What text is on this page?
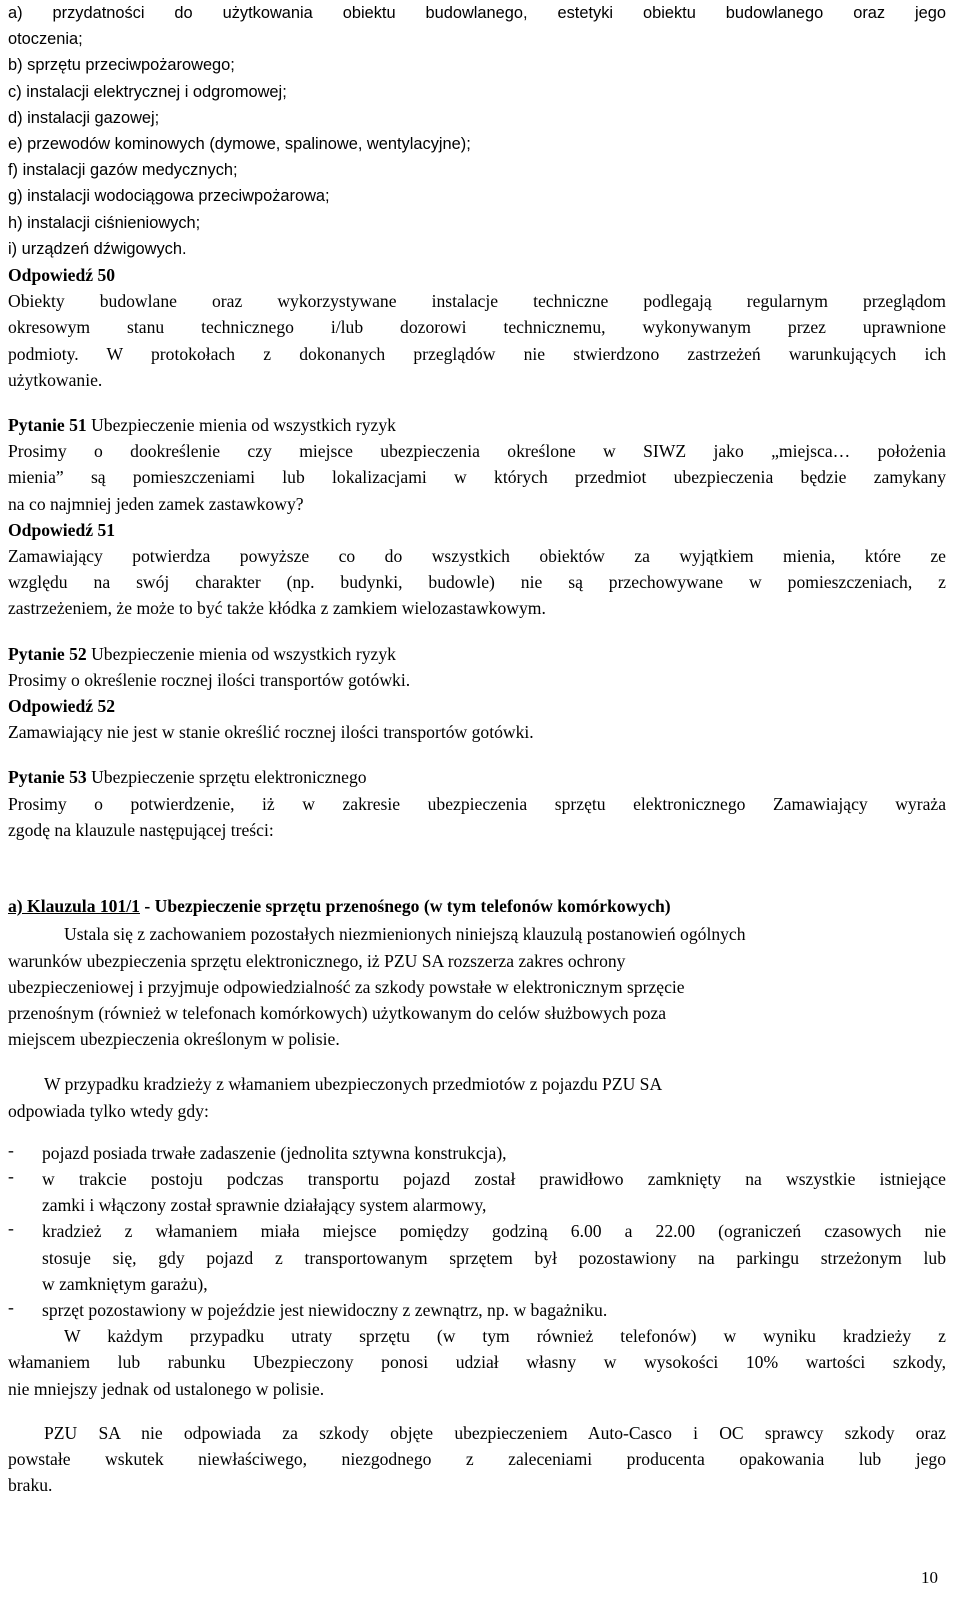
a) przydatności do użytkowania obiektu budowlanego, estetyki obiektu budowlanego oraz jego
otoczenia;
b) sprzętu przeciwpożarowego;
c) instalacji elektrycznej i odgromowej;
d) instalacji gazowej;
e) przewodów kominowych (dymowe, spalinowe, wentylacyjne);
f) instalacji gazów medycznych;
g) instalacji wodociągowa przeciwpożarowa;
h) instalacji ciśnieniowych;
i) urządzeń dźwigowych.
Odpowiedź 50
Obiekty budowlane oraz wykorzystywane instalacje techniczne podlegają regularnym przeglądom
okresowym stanu technicznego i/lub dozorowi technicznemu, wykonywanym przez uprawnione
podmioty. W protokołach z dokonanych przeglądów nie stwierdzono zastrzeżeń warunkujących ich
użytkowanie.
Pytanie 51 Ubezpieczenie mienia od wszystkich ryzyk
Prosimy o dookreślenie czy miejsce ubezpieczenia określone w SIWZ jako „miejsca… położenia
mienia” są pomieszczeniami lub lokalizacjami w których przedmiot ubezpieczenia będzie zamykany
na co najmniej jeden zamek zastawkowy?
Odpowiedź 51
Zamawiający potwierdza powyższe co do wszystkich obiektów za wyjątkiem mienia, które ze
względu na swój charakter (np. budynki, budowle) nie są przechowywane w pomieszczeniach, z
zastrzeżeniem, że może to być także kłódka z zamkiem wielozastawkowym.
Pytanie 52 Ubezpieczenie mienia od wszystkich ryzyk
Prosimy o określenie rocznej ilości transportów gotówki.
Odpowiedź 52
Zamawiający nie jest w stanie określić rocznej ilości transportów gotówki.
Pytanie 53 Ubezpieczenie sprzętu elektronicznego
Prosimy o potwierdzenie, iż w zakresie ubezpieczenia sprzętu elektronicznego Zamawiający wyraża
zgodę na klauzule następującej treści:
a) Klauzula 101/1 - Ubezpieczenie sprzętu przenośnego (w tym telefonów komórkowych)
Ustala się z zachowaniem pozostałych niezmienionych niniejszą klauzulą postanowień ogólnych
warunków ubezpieczenia sprzętu elektronicznego, iż PZU SA rozszerza zakres ochrony
ubezpieczeniowej i przyjmuje odpowiedzialność za szkody powstałe w elektronicznym sprzęcie
przenośnym (również w telefonach komórkowych) użytkowanym do celów służbowych poza
miejscem ubezpieczenia określonym w polisie.
W przypadku kradzieży z włamaniem ubezpieczonych przedmiotów z pojazdu PZU SA
odpowiada tylko wtedy gdy:
- pojazd posiada trwałe zadaszenie (jednolita sztywna konstrukcja),
- w trakcie postoju podczas transportu pojazd został prawidłowo zamknięty na wszystkie istniejące
zamki i włączony został sprawnie działający system alarmowy,
- kradzież z włamaniem miała miejsce pomiędzy godziną 6.00 a 22.00 (ograniczeń czasowych nie
stosuje się, gdy pojazd z transportowanym sprzętem był pozostawiony na parkingu strzeżonym lub
w zamkniętym garażu),
- sprzęt pozostawiony w pojeździe jest niewidoczny z zewnątrz, np. w bagażniku.
W każdym przypadku utraty sprzętu (w tym również telefonów) w wyniku kradzieży z
włamaniem lub rabunku Ubezpieczony ponosi udział własny w wysokości 10% wartości szkody,
nie mniejszy jednak od ustalonego w polisie.
PZU SA nie odpowiada za szkody objęte ubezpieczeniem Auto-Casco i OC sprawcy szkody oraz
powstałe wskutek niewłaściwego, niezgodnego z zaleceniami producenta opakowania lub jego
braku.
10
